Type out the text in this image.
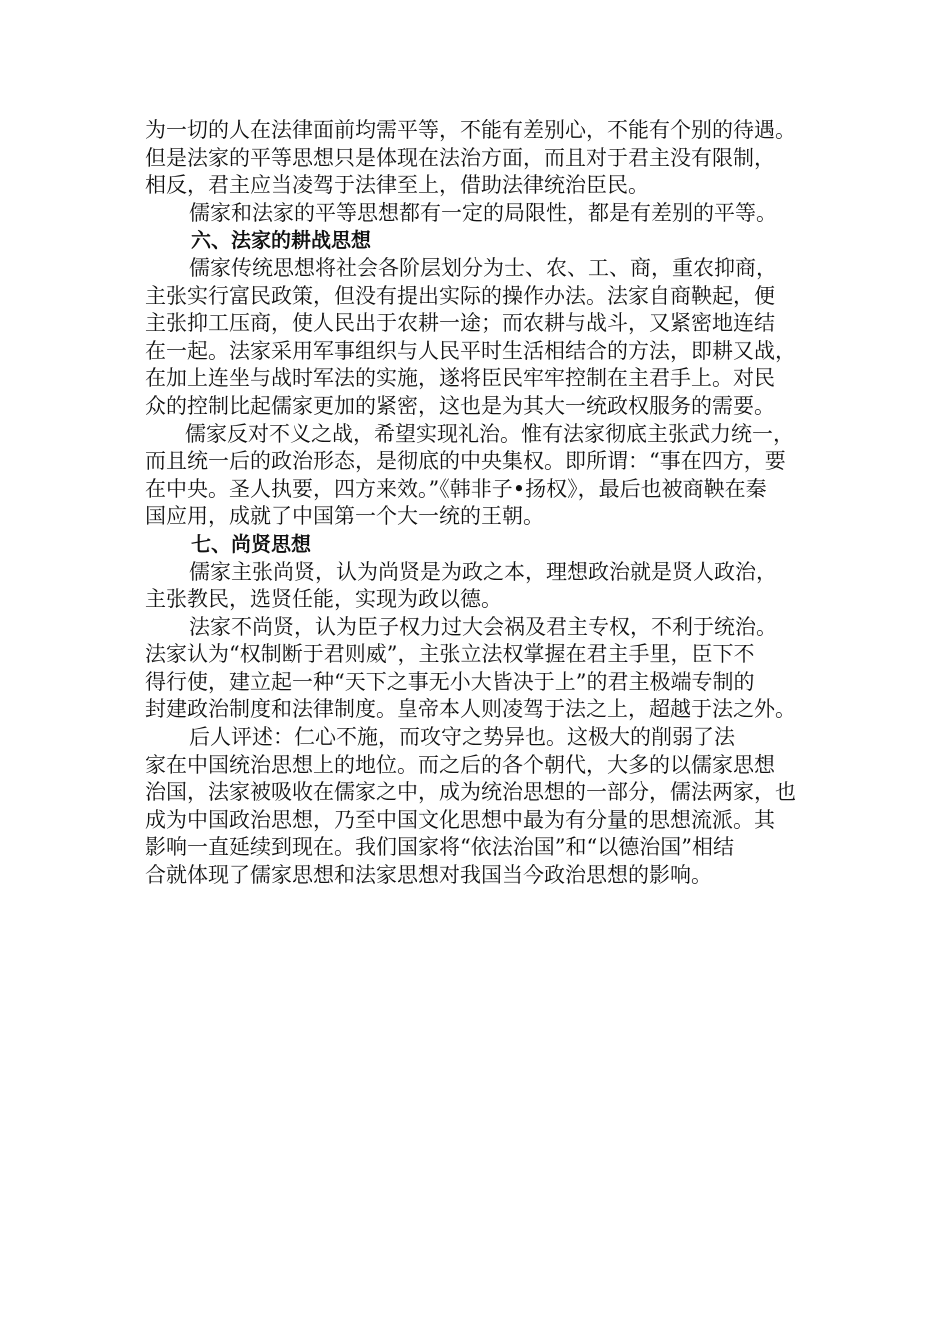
为一切的人在法律面前均需平等，不能有差别心，不能有个别的待遇。
但是法家的平等思想只是体现在法治方面，而且对于君主没有限制，
相反，君主应当凌驾于法律至上，借助法律统治臣民。
儒家和法家的平等思想都有一定的局限性，都是有差别的平等。
六、法家的耕战思想
儒家传统思想将社会各阶层划分为士、农、工、商，重农抑商，
主张实行富民政策，但没有提出实际的操作办法。法家自商鞅起，便
主张抑工压商，使人民出于农耕一途；而农耕与战斗，又紧密地连结
在一起。法家采用军事组织与人民平时生活相结合的方法，即耕又战，
在加上连坐与战时军法的实施，遂将臣民牢牢控制在主君手上。对民
众的控制比起儒家更加的紧密，这也是为其大一统政权服务的需要。
儒家反对不义之战，希望实现礼治。惟有法家彻底主张武力统一，
而且统一后的政治形态，是彻底的中央集权。即所谓：“事在四方，要
在中央。圣人执要，四方来效。”《韩非子•扬权》，最后也被商鞅在秦
国应用，成就了中国第一个大一统的王朝。
七、尚贤思想
儒家主张尚贤，认为尚贤是为政之本，理想政治就是贤人政治，
主张教民，选贤任能，实现为政以德。
法家不尚贤，认为臣子权力过大会祸及君主专权，不利于统治。
法家认为“权制断于君则威”，主张立法权掌握在君主手里，臣下不
得行使，建立起一种“天下之事无小大皆决于上”的君主极端专制的
封建政治制度和法律制度。皇帝本人则凌驾于法之上，超越于法之外。
后人评述：仁心不施，而攻守之势异也。这极大的削弱了法
家在中国统治思想上的地位。而之后的各个朝代，大多的以儒家思想
治国，法家被吸收在儒家之中，成为统治思想的一部分，儒法两家，也
成为中国政治思想，乃至中国文化思想中最为有分量的思想流派。其
影响一直延续到现在。我们国家将“依法治国”和“以德治国”相结
合就体现了儒家思想和法家思想对我国当今政治思想的影响。
